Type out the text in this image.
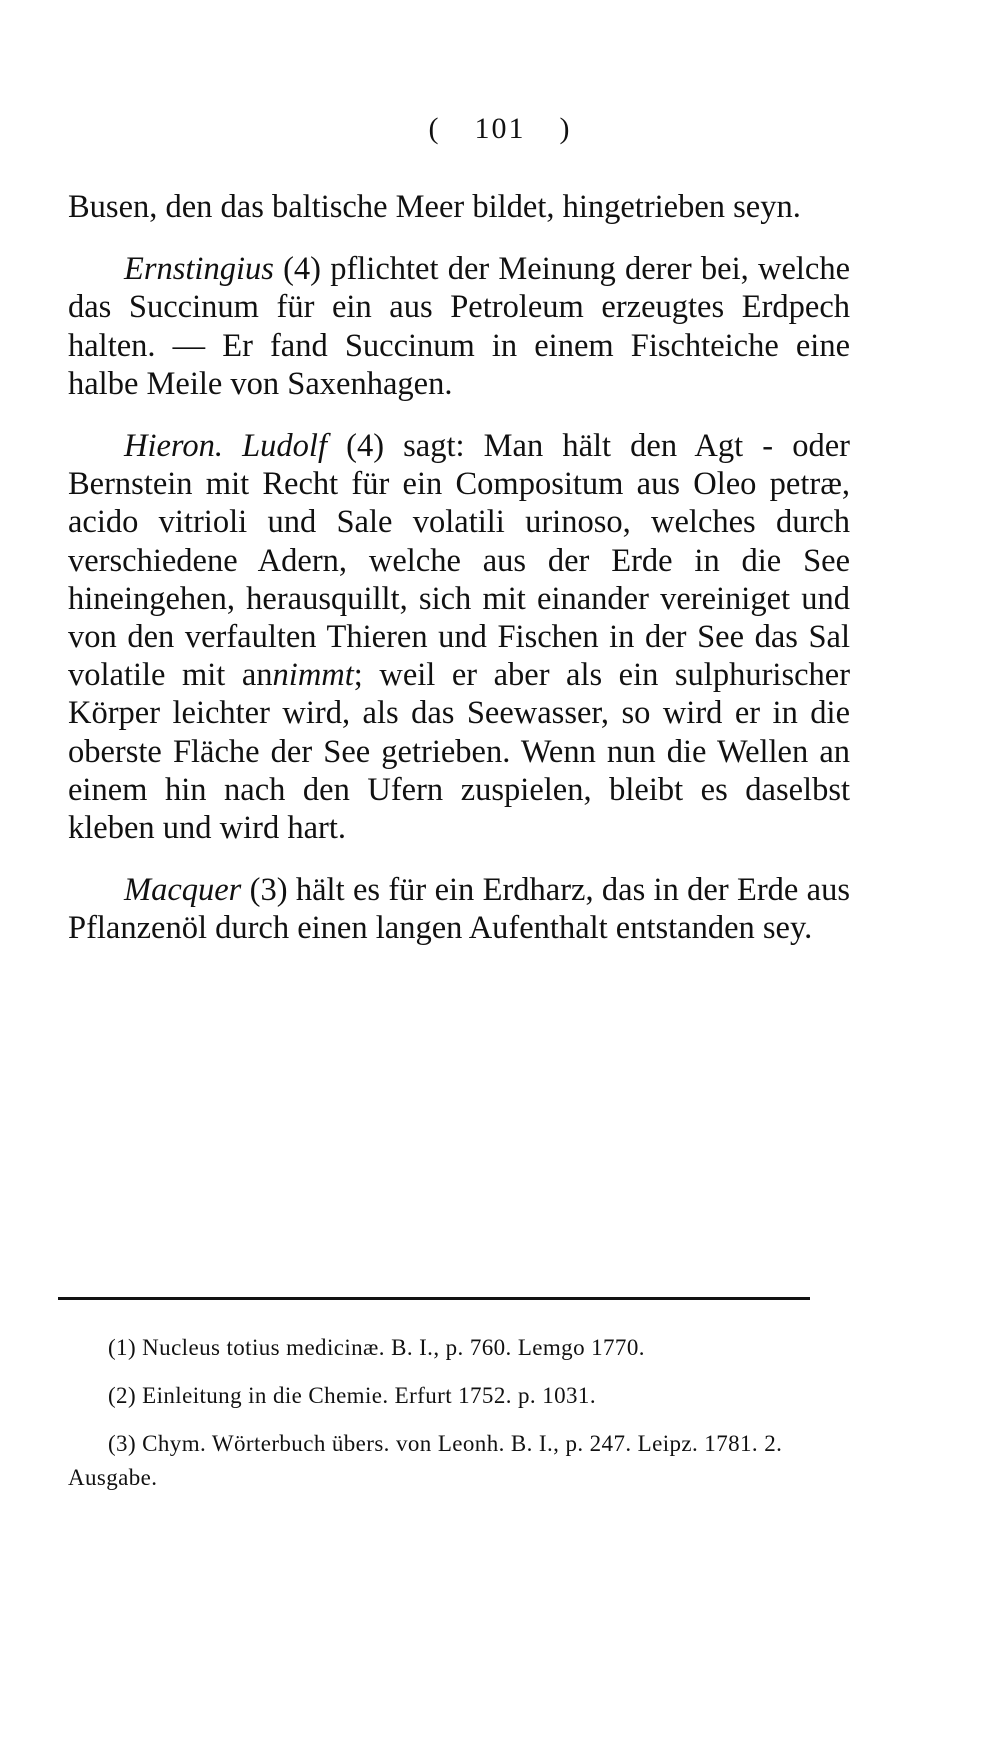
( 101 )

Busen, den das baltische Meer bildet, hingetrieben seyn.

Ernstingius (4) pflichtet der Meinung derer bei, welche das Succinum für ein aus Petroleum erzeugtes Erdpech halten. — Er fand Succinum in einem Fischteiche eine halbe Meile von Saxenhagen.

Hieron. Ludolf (4) sagt: Man hält den Agt - oder Bernstein mit Recht für ein Compositum aus Oleo petræ, acido vitrioli und Sale volatili urinoso, welches durch verschiedene Adern, welche aus der Erde in die See hineingehen, herausquillt, sich mit einander vereiniget und von den verfaulten Thieren und Fischen in der See das Sal volatile mit annimmt; weil er aber als ein sulphurischer Körper leichter wird, als das Seewasser, so wird er in die oberste Fläche der See getrieben. Wenn nun die Wellen an einem hin nach den Ufern zuspielen, bleibt es daselbst kleben und wird hart.

Macquer (3) hält es für ein Erdharz, das in der Erde aus Pflanzenöl durch einen langen Aufenthalt entstanden sey.

(1) Nucleus totius medicinæ. B. I., p. 760. Lemgo 1770.

(2) Einleitung in die Chemie. Erfurt 1752. p. 1031.

(3) Chym. Wörterbuch übers. von Leonh. B. I., p. 247. Leipz. 1781. 2. Ausgabe.
